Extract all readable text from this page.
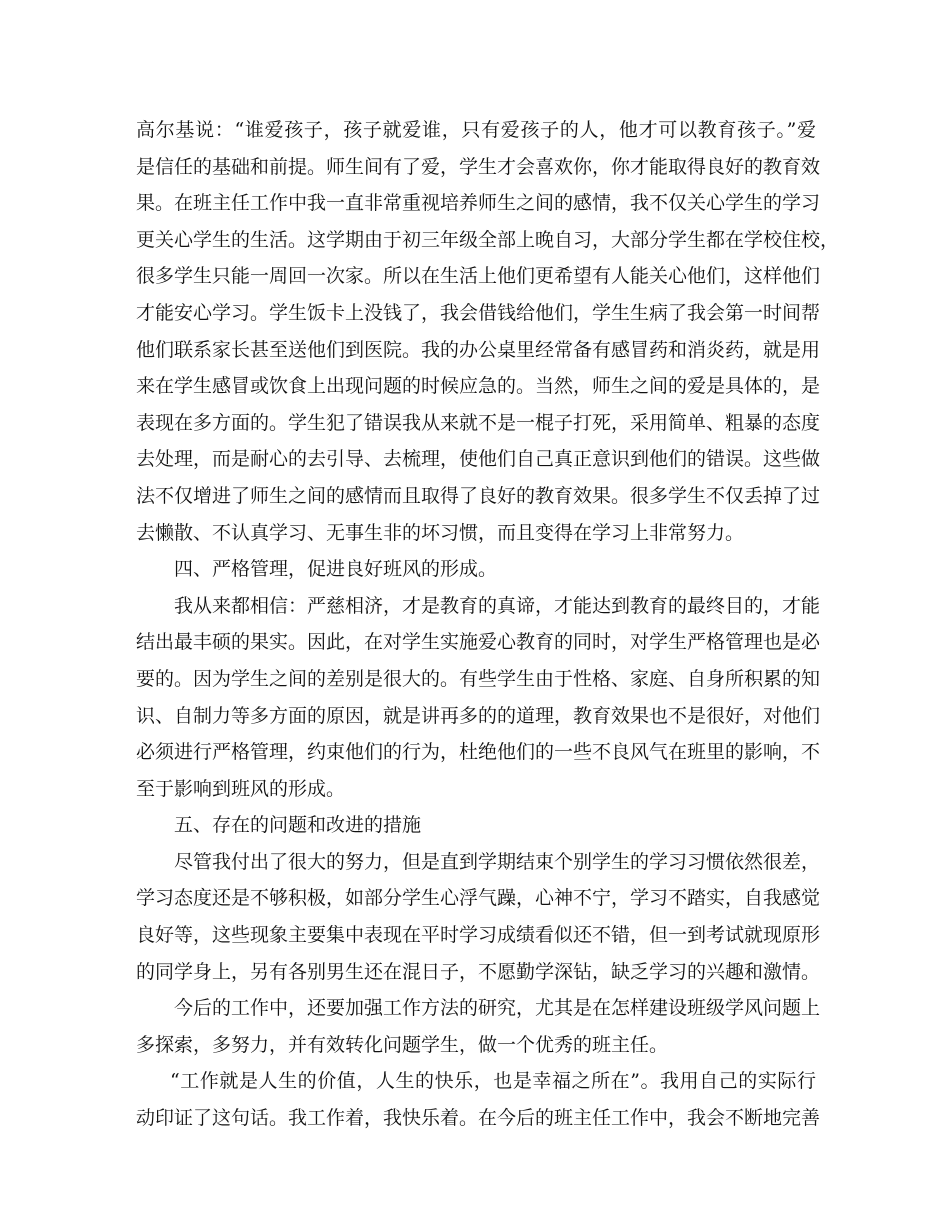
高尔基说：“谁爱孩子，孩子就爱谁，只有爱孩子的人，他才可以教育孩子。”爱
是信任的基础和前提。师生间有了爱，学生才会喜欢你，你才能取得良好的教育效
果。在班主任工作中我一直非常重视培养师生之间的感情，我不仅关心学生的学习
更关心学生的生活。这学期由于初三年级全部上晚自习，大部分学生都在学校住校，
很多学生只能一周回一次家。所以在生活上他们更希望有人能关心他们，这样他们
才能安心学习。学生饭卡上没钱了，我会借钱给他们，学生生病了我会第一时间帮
他们联系家长甚至送他们到医院。我的办公桌里经常备有感冒药和消炎药，就是用
来在学生感冒或饮食上出现问题的时候应急的。当然，师生之间的爱是具体的，是
表现在多方面的。学生犯了错误我从来就不是一棍子打死，采用简单、粗暴的态度
去处理，而是耐心的去引导、去梳理，使他们自己真正意识到他们的错误。这些做
法不仅增进了师生之间的感情而且取得了良好的教育效果。很多学生不仅丢掉了过
去懒散、不认真学习、无事生非的坏习惯，而且变得在学习上非常努力。
四、严格管理，促进良好班风的形成。
我从来都相信：严慈相济，才是教育的真谛，才能达到教育的最终目的，才能
结出最丰硕的果实。因此，在对学生实施爱心教育的同时，对学生严格管理也是必
要的。因为学生之间的差别是很大的。有些学生由于性格、家庭、自身所积累的知
识、自制力等多方面的原因，就是讲再多的的道理，教育效果也不是很好，对他们
必须进行严格管理，约束他们的行为，杜绝他们的一些不良风气在班里的影响，不
至于影响到班风的形成。
五、存在的问题和改进的措施
尽管我付出了很大的努力，但是直到学期结束个别学生的学习习惯依然很差，
学习态度还是不够积极，如部分学生心浮气躁，心神不宁，学习不踏实，自我感觉
良好等，这些现象主要集中表现在平时学习成绩看似还不错，但一到考试就现原形
的同学身上，另有各别男生还在混日子，不愿勤学深钻，缺乏学习的兴趣和激情。
今后的工作中，还要加强工作方法的研究，尤其是在怎样建设班级学风问题上
多探索，多努力，并有效转化问题学生，做一个优秀的班主任。
“工作就是人生的价值，人生的快乐，也是幸福之所在”。我用自己的实际行
动印证了这句话。我工作着，我快乐着。在今后的班主任工作中，我会不断地完善
